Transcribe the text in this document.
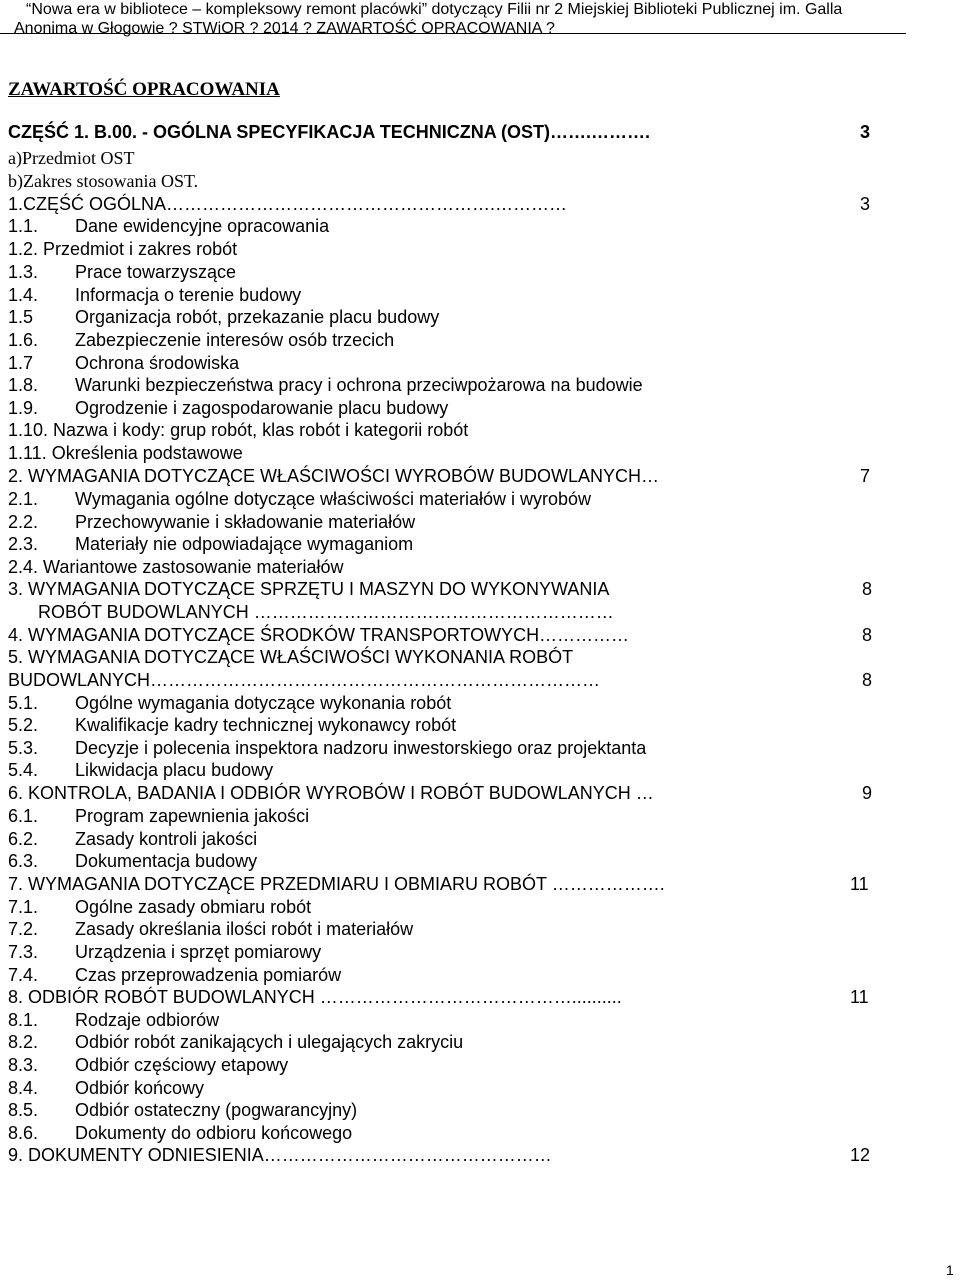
“Nowa era w bibliotece – kompleksowy remont placówki” dotyczący Filii nr 2 Miejskiej Biblioteki Publicznej im. Galla
Anonima w Głogowie ? STWiOR ? 2014 ? ZAWARTOŚĆ OPRACOWANIA ?
ZAWARTOŚĆ OPRACOWANIA
CZĘŚĆ 1. B.00. - OGÓLNA SPECYFIKACJA TECHNICZNA (OST)…….……….	3
a)Przedmiot OST
b)Zakres stosowania OST.
1.CZĘŚĆ OGÓLNA……………………………………………….…………	3
1.1. Dane ewidencyjne opracowania
1.2. Przedmiot i zakres robót
1.3. Prace towarzyszące
1.4. Informacja o terenie budowy
1.5 Organizacja robót, przekazanie placu budowy
1.6. Zabezpieczenie interesów osób trzecich
1.7 Ochrona środowiska
1.8. Warunki bezpieczeństwa pracy i ochrona przeciwpożarowa na budowie
1.9. Ogrodzenie i zagospodarowanie placu budowy
1.10. Nazwa i kody: grup robót, klas robót i kategorii robót
1.11. Określenia podstawowe
2. WYMAGANIA DOTYCZĄCE WŁAŚCIWOŚCI WYROBÓW BUDOWLANYCH…	7
2.1. Wymagania ogólne dotyczące właściwości materiałów i wyrobów
2.2. Przechowywanie i składowanie materiałów
2.3. Materiały nie odpowiadające wymaganiom
2.4. Wariantowe zastosowanie materiałów
3. WYMAGANIA DOTYCZĄCE SPRZĘTU I MASZYN DO WYKONYWANIA	8
ROBÓT BUDOWLANYCH ……………………………………………………
4. WYMAGANIA DOTYCZĄCE ŚRODKÓW TRANSPORTOWYCH……………	8
5. WYMAGANIA DOTYCZĄCE WŁAŚCIWOŚCI WYKONANIA ROBÓT
BUDOWLANYCH…………………………………………………………………	8
5.1. Ogólne wymagania dotyczące wykonania robót
5.2. Kwalifikacje kadry technicznej wykonawcy robót
5.3. Decyzje i polecenia inspektora nadzoru inwestorskiego oraz projektanta
5.4. Likwidacja placu budowy
6. KONTROLA, BADANIA I ODBIÓR WYROBÓW I ROBÓT BUDOWLANYCH …	9
6.1. Program zapewnienia jakości
6.2. Zasady kontroli jakości
6.3. Dokumentacja budowy
7. WYMAGANIA DOTYCZĄCE PRZEDMIARU I OBMIARU ROBÓT ……………….	11
7.1. Ogólne zasady obmiaru robót
7.2. Zasady określania ilości robót i materiałów
7.3. Urządzenia i sprzęt pomiarowy
7.4. Czas przeprowadzenia pomiarów
8. ODBIÓR ROBÓT BUDOWLANYCH ……………………………………..........	11
8.1. Rodzaje odbiorów
8.2. Odbiór robót zanikających i ulegających zakryciu
8.3. Odbiór częściowy etapowy
8.4. Odbiór końcowy
8.5. Odbiór ostateczny (pogwarancyjny)
8.6. Dokumenty do odbioru końcowego
9. DOKUMENTY ODNIESIENIA…………………………………………	12
1
